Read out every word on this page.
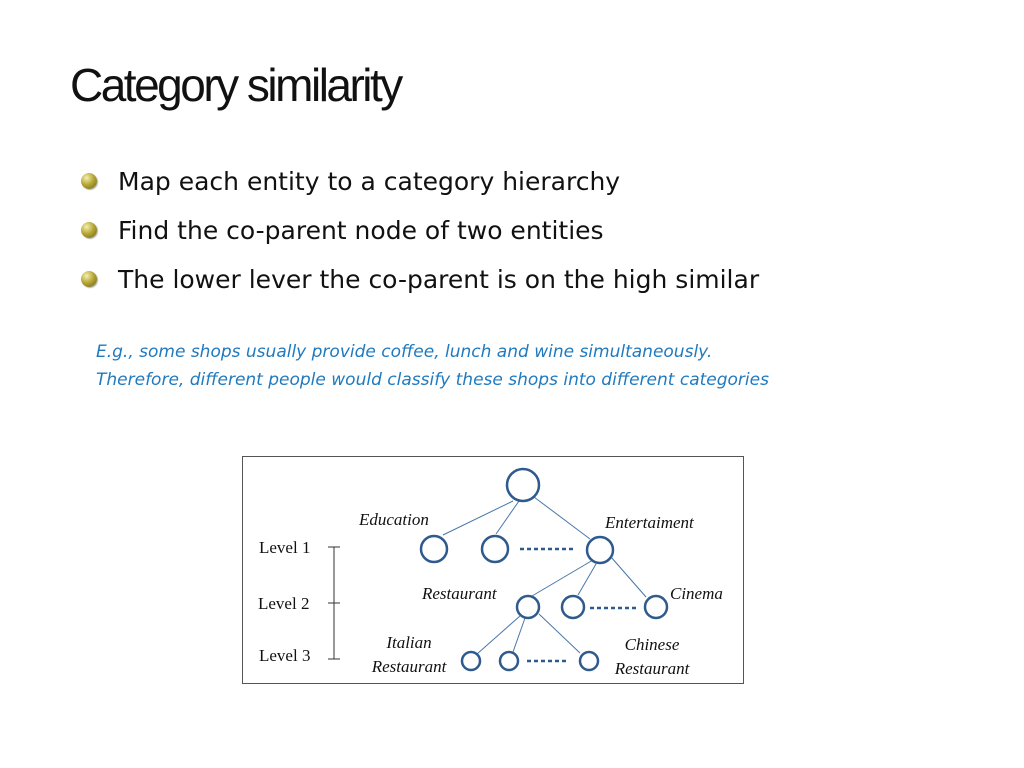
Category similarity
Map each entity to a category hierarchy
Find the co-parent node of two entities
The lower lever the co-parent is on the high similar
E.g., some shops usually provide coffee, lunch and wine simultaneously.
Therefore, different people would classify these shops into different categories
Level 1
Level 2
Level 3
Education	Entertaiment
Restaurant	Cinema
Italian
Restaurant
Chinese
Restaurant
